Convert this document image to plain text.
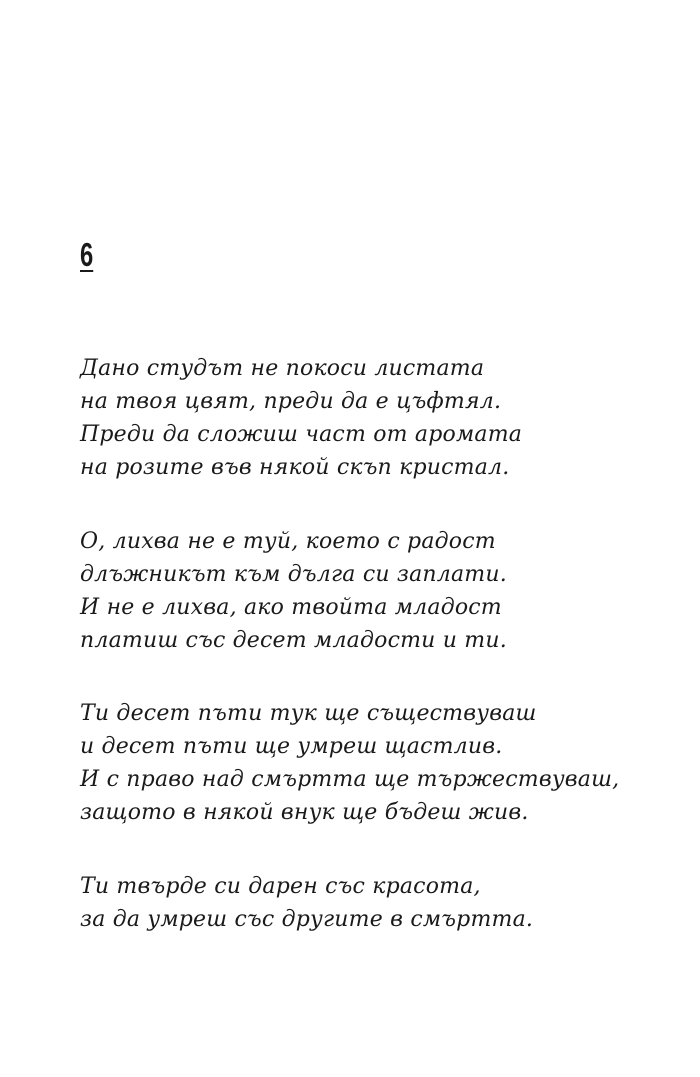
6
Дано студът не покоси листата
на твоя цвят, преди да е цъфтял.
Преди да сложиш част от аромата
на розите във някой скъп кристал.
О, лихва не е туй, което с радост
длъжникът към дълга си заплати.
И не е лихва, ако твойта младост
платиш със десет младости и ти.
Ти десет пъти тук ще съществуваш
и десет пъти ще умреш щастлив.
И с право над смъртта ще тържествуваш,
защото в някой внук ще бъдеш жив.
Ти твърде си дарен със красота,
за да умреш със другите в смъртта.
